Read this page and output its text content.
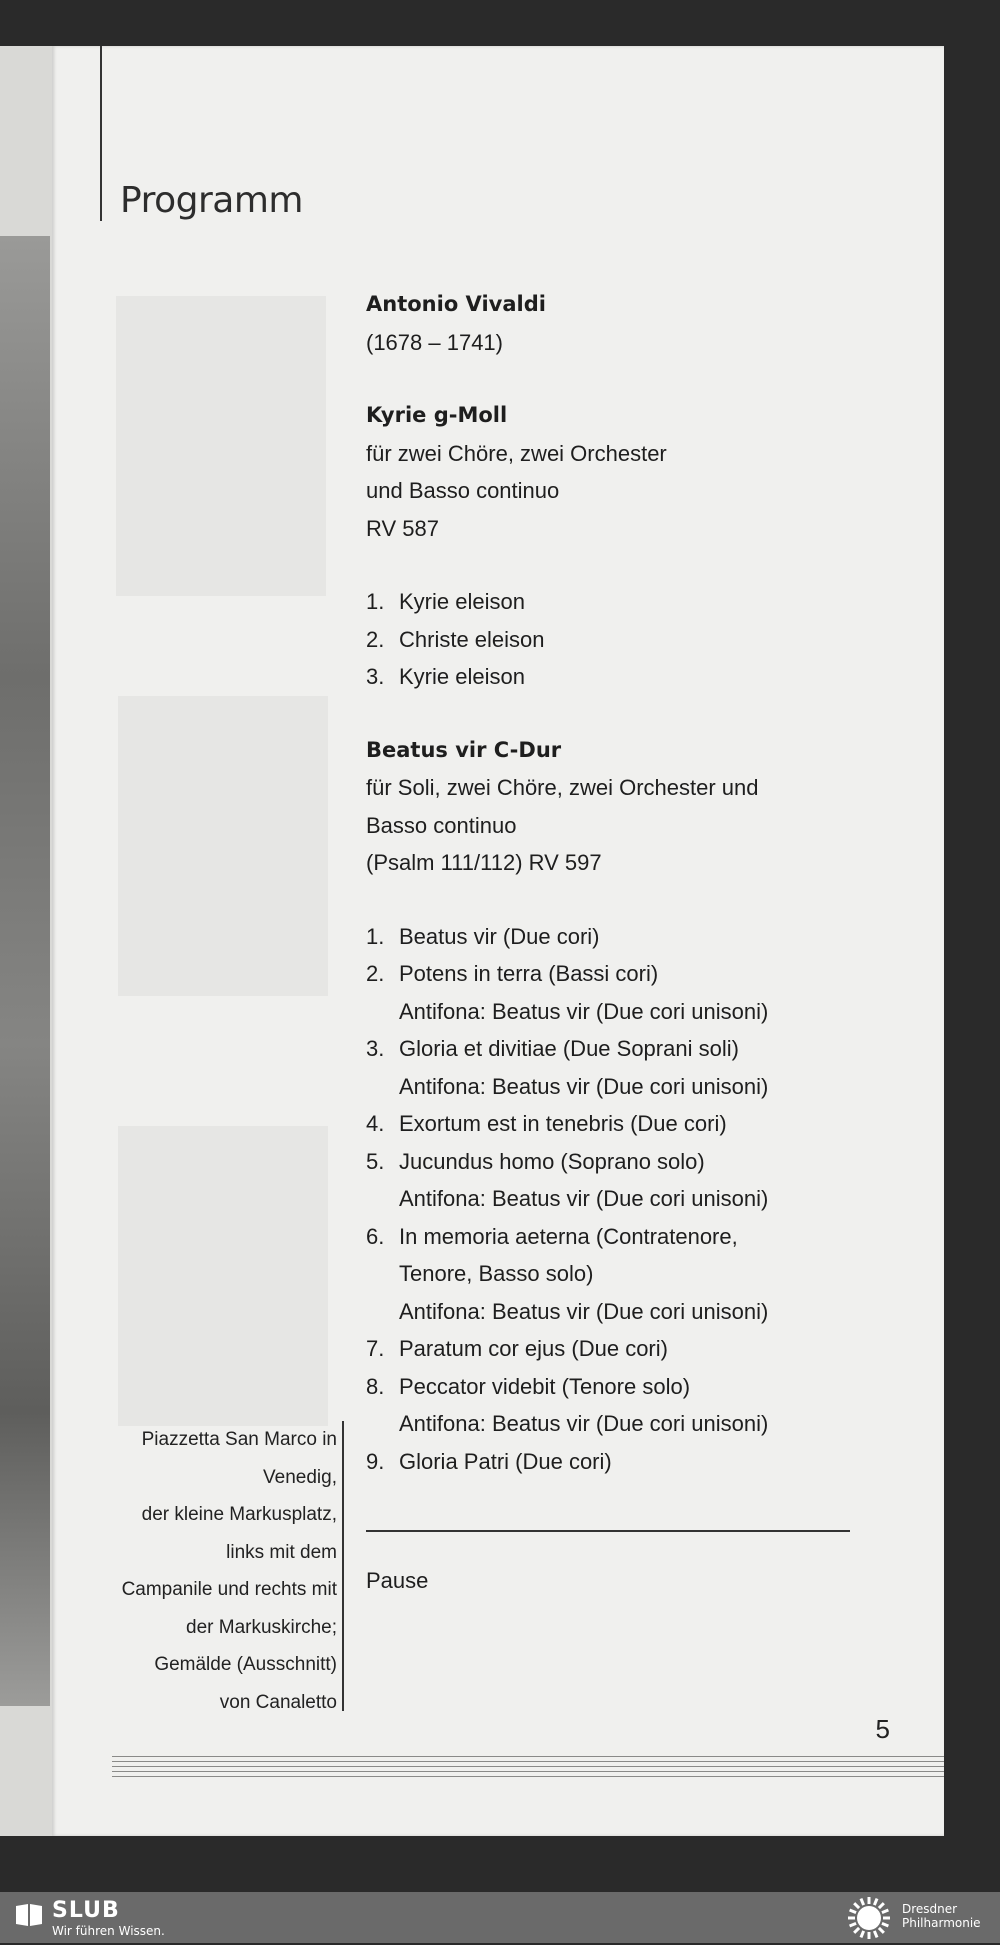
Programm
Antonio Vivaldi
(1678 – 1741)
Kyrie g-Moll
für zwei Chöre, zwei Orchester
und Basso continuo
RV 587
1. Kyrie eleison
2. Christe eleison
3. Kyrie eleison
Beatus vir C-Dur
für Soli, zwei Chöre, zwei Orchester und
Basso continuo
(Psalm 111/112) RV 597
1. Beatus vir (Due cori)
2. Potens in terra (Bassi cori)
Antifona: Beatus vir (Due cori unisoni)
3. Gloria et divitiae (Due Soprani soli)
Antifona: Beatus vir (Due cori unisoni)
4. Exortum est in tenebris (Due cori)
5. Jucundus homo (Soprano solo)
Antifona: Beatus vir (Due cori unisoni)
6. In memoria aeterna (Contratenore,
Tenore, Basso solo)
Antifona: Beatus vir (Due cori unisoni)
7. Paratum cor ejus (Due cori)
8. Peccator videbit (Tenore solo)
Antifona: Beatus vir (Due cori unisoni)
9. Gloria Patri (Due cori)
Pause
Piazzetta San Marco in
Venedig,
der kleine Markusplatz,
links mit dem
Campanile und rechts mit
der Markuskirche;
Gemälde (Ausschnitt)
von Canaletto
5
SLUB
Wir führen Wissen.
Dresdner
Philharmonie
